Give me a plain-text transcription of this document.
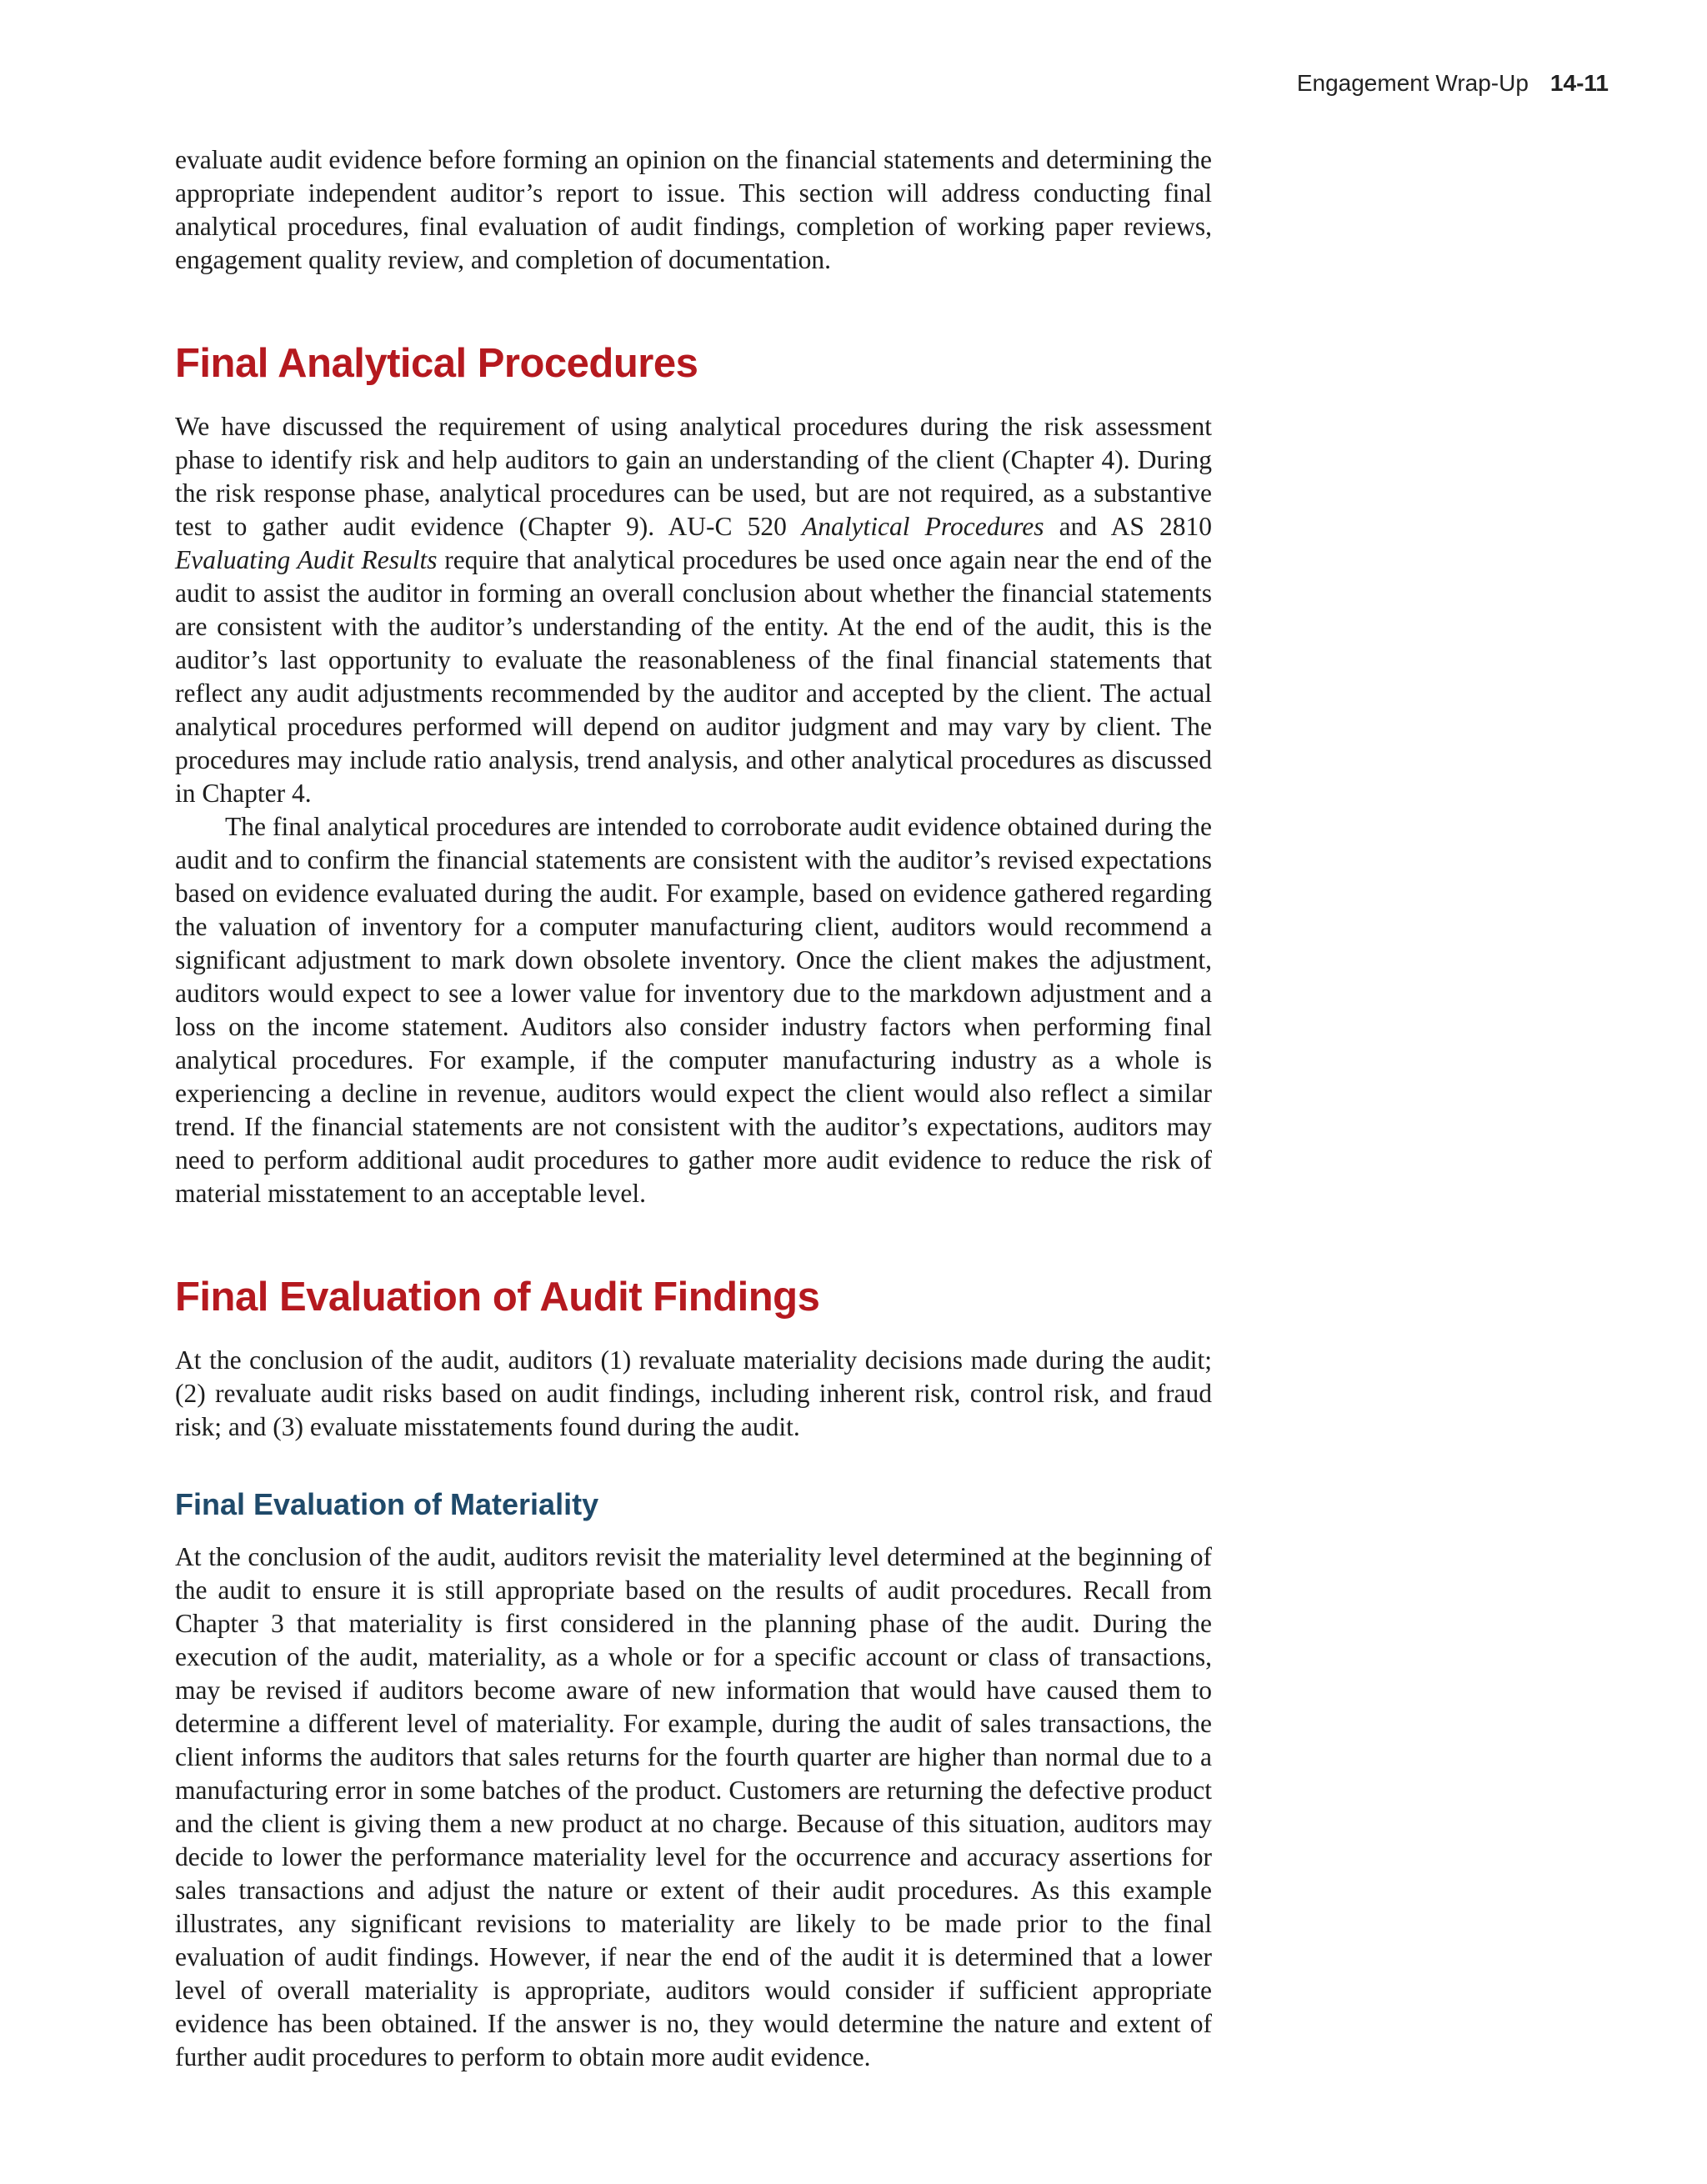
Engagement Wrap-Up 14-11

evaluate audit evidence before forming an opinion on the financial statements and determining the appropriate independent auditor’s report to issue. This section will address conducting final analytical procedures, final evaluation of audit findings, completion of working paper reviews, engagement quality review, and completion of documentation.

Final Analytical Procedures

We have discussed the requirement of using analytical procedures during the risk assessment phase to identify risk and help auditors to gain an understanding of the client (Chapter 4). During the risk response phase, analytical procedures can be used, but are not required, as a substantive test to gather audit evidence (Chapter 9). AU-C 520 Analytical Procedures and AS 2810 Evaluating Audit Results require that analytical procedures be used once again near the end of the audit to assist the auditor in forming an overall conclusion about whether the financial statements are consistent with the auditor’s understanding of the entity. At the end of the audit, this is the auditor’s last opportunity to evaluate the reasonableness of the final financial statements that reflect any audit adjustments recommended by the auditor and accepted by the client. The actual analytical procedures performed will depend on auditor judgment and may vary by client. The procedures may include ratio analysis, trend analysis, and other analytical procedures as discussed in Chapter 4.

The final analytical procedures are intended to corroborate audit evidence obtained during the audit and to confirm the financial statements are consistent with the auditor’s revised expectations based on evidence evaluated during the audit. For example, based on evidence gathered regarding the valuation of inventory for a computer manufacturing client, auditors would recommend a significant adjustment to mark down obsolete inventory. Once the client makes the adjustment, auditors would expect to see a lower value for inventory due to the markdown adjustment and a loss on the income statement. Auditors also consider industry factors when performing final analytical procedures. For example, if the computer manufacturing industry as a whole is experiencing a decline in revenue, auditors would expect the client would also reflect a similar trend. If the financial statements are not consistent with the auditor’s expectations, auditors may need to perform additional audit procedures to gather more audit evidence to reduce the risk of material misstatement to an acceptable level.

Final Evaluation of Audit Findings

At the conclusion of the audit, auditors (1) revaluate materiality decisions made during the audit; (2) revaluate audit risks based on audit findings, including inherent risk, control risk, and fraud risk; and (3) evaluate misstatements found during the audit.

Final Evaluation of Materiality

At the conclusion of the audit, auditors revisit the materiality level determined at the beginning of the audit to ensure it is still appropriate based on the results of audit procedures. Recall from Chapter 3 that materiality is first considered in the planning phase of the audit. During the execution of the audit, materiality, as a whole or for a specific account or class of transactions, may be revised if auditors become aware of new information that would have caused them to determine a different level of materiality. For example, during the audit of sales transactions, the client informs the auditors that sales returns for the fourth quarter are higher than normal due to a manufacturing error in some batches of the product. Customers are returning the defective product and the client is giving them a new product at no charge. Because of this situation, auditors may decide to lower the performance materiality level for the occurrence and accuracy assertions for sales transactions and adjust the nature or extent of their audit procedures. As this example illustrates, any significant revisions to materiality are likely to be made prior to the final evaluation of audit findings. However, if near the end of the audit it is determined that a lower level of overall materiality is appropriate, auditors would consider if sufficient appropriate evidence has been obtained. If the answer is no, they would determine the nature and extent of further audit procedures to perform to obtain more audit evidence.
